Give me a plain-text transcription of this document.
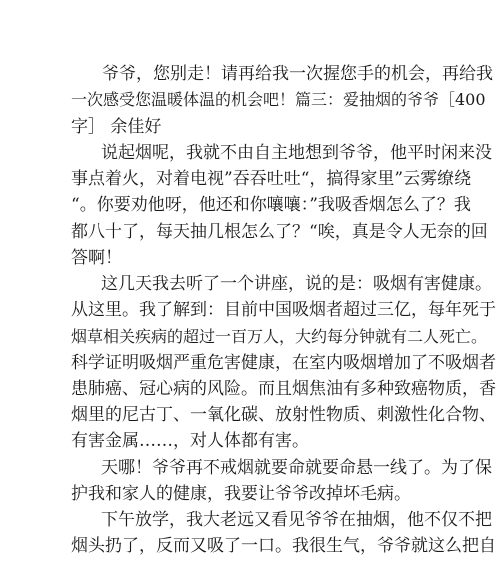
　爷爷，您别走！请再给我一次握您手的机会，再给我
一次感受您温暖体温的机会吧！篇三：爱抽烟的爷爷［400
字］ 余佳好
　说起烟呢，我就不由自主地想到爷爷，他平时闲来没
事点着火，对着电视”吞吞吐吐“，搞得家里”云雾缭绕
“。你要劝他呀，他还和你嚷嚷：”我吸香烟怎么了？我
都八十了，每天抽几根怎么了？“唉，真是令人无奈的回
答啊！
　这几天我去听了一个讲座，说的是：吸烟有害健康。
从这里。我了解到：目前中国吸烟者超过三亿，每年死于
烟草相关疾病的超过一百万人，大约每分钟就有二人死亡。
科学证明吸烟严重危害健康，在室内吸烟增加了不吸烟者
患肺癌、冠心病的风险。而且烟焦油有多种致癌物质，香
烟里的尼古丁、一氧化碳、放射性物质、刺激性化合物、
有害金属……，对人体都有害。
　天哪！爷爷再不戒烟就要命就要命悬一线了。为了保
护我和家人的健康，我要让爷爷改掉坏毛病。
　下午放学，我大老远又看见爷爷在抽烟，他不仅不把
烟头扔了，反而又吸了一口。我很生气，爷爷就这么把自
